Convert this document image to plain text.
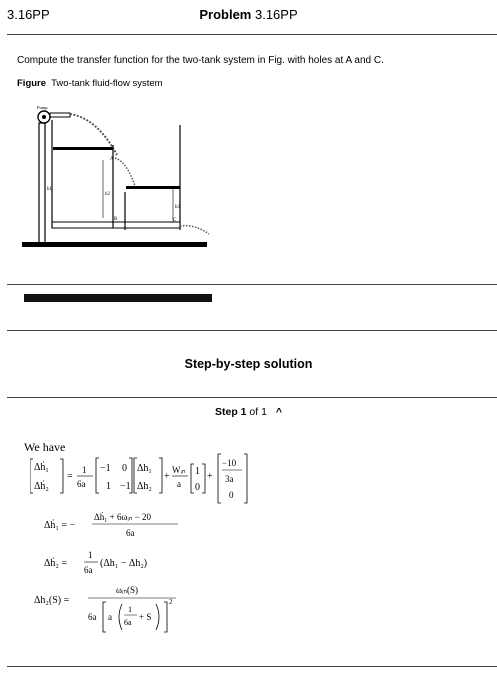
3.16PP	Problem 3.16PP
Compute the transfer function for the two-tank system in Fig. with holes at A and C.
Figure Two-tank fluid-flow system
Pump
A
h1
h2
h3
B	C
Step-by-step solution
Step 1 of 1 ^
We have
Δḣ₁
Δḣ₂
=
1
6a
−1 0
1 −1
Δh₁
Δh₂
+
Wᵢₙ
a
1
0
+
−10
3a
0
Δḣ₁ = −
Δḣ₁ + 6ωᵢₙ − 20
6a
Δḣ₂ =
1
6a
(Δh₁ − Δh₂)
Δh₂(S) =
ωᵢₙ(S)
6a a
1
6a
+ S
2
